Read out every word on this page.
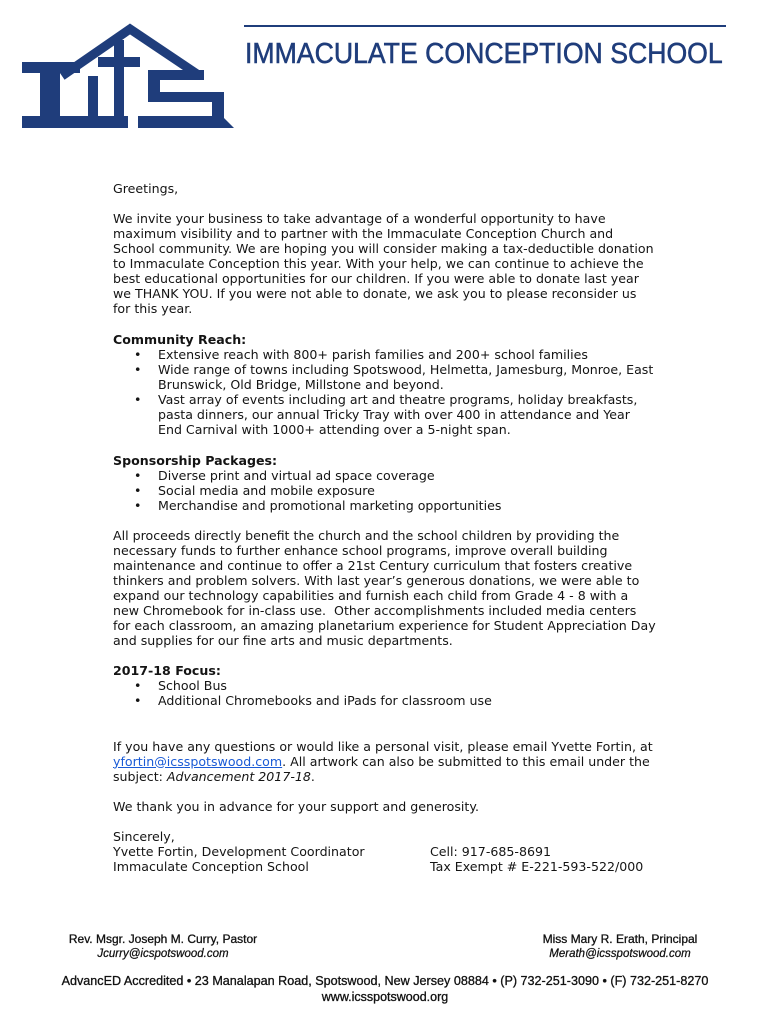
IMMACULATE CONCEPTION SCHOOL
Greetings,
We invite your business to take advantage of a wonderful opportunity to have
maximum visibility and to partner with the Immaculate Conception Church and
School community. We are hoping you will consider making a tax-deductible donation
to Immaculate Conception this year. With your help, we can continue to achieve the
best educational opportunities for our children. If you were able to donate last year
we THANK YOU. If you were not able to donate, we ask you to please reconsider us
for this year.
Community Reach:
• Extensive reach with 800+ parish families and 200+ school families
• Wide range of towns including Spotswood, Helmetta, Jamesburg, Monroe, East
Brunswick, Old Bridge, Millstone and beyond.
• Vast array of events including art and theatre programs, holiday breakfasts,
pasta dinners, our annual Tricky Tray with over 400 in attendance and Year
End Carnival with 1000+ attending over a 5-night span.
Sponsorship Packages:
• Diverse print and virtual ad space coverage
• Social media and mobile exposure
• Merchandise and promotional marketing opportunities
All proceeds directly benefit the church and the school children by providing the
necessary funds to further enhance school programs, improve overall building
maintenance and continue to offer a 21st Century curriculum that fosters creative
thinkers and problem solvers. With last year’s generous donations, we were able to
expand our technology capabilities and furnish each child from Grade 4 - 8 with a
new Chromebook for in-class use.  Other accomplishments included media centers
for each classroom, an amazing planetarium experience for Student Appreciation Day
and supplies for our fine arts and music departments.
2017-18 Focus:
• School Bus
• Additional Chromebooks and iPads for classroom use
If you have any questions or would like a personal visit, please email Yvette Fortin, at
yfortin@icsspotswood.com. All artwork can also be submitted to this email under the
subject: Advancement 2017-18.
We thank you in advance for your support and generosity.
Sincerely,
Yvette Fortin, Development Coordinator
Immaculate Conception School
Cell: 917-685-8691
Tax Exempt # E-221-593-522/000
Rev. Msgr. Joseph M. Curry, Pastor
Jcurry@icspotswood.com
Miss Mary R. Erath, Principal
Merath@icsspotswood.com
AdvancED Accredited • 23 Manalapan Road, Spotswood, New Jersey 08884 • (P) 732-251-3090 • (F) 732-251-8270
www.icsspotswood.org
